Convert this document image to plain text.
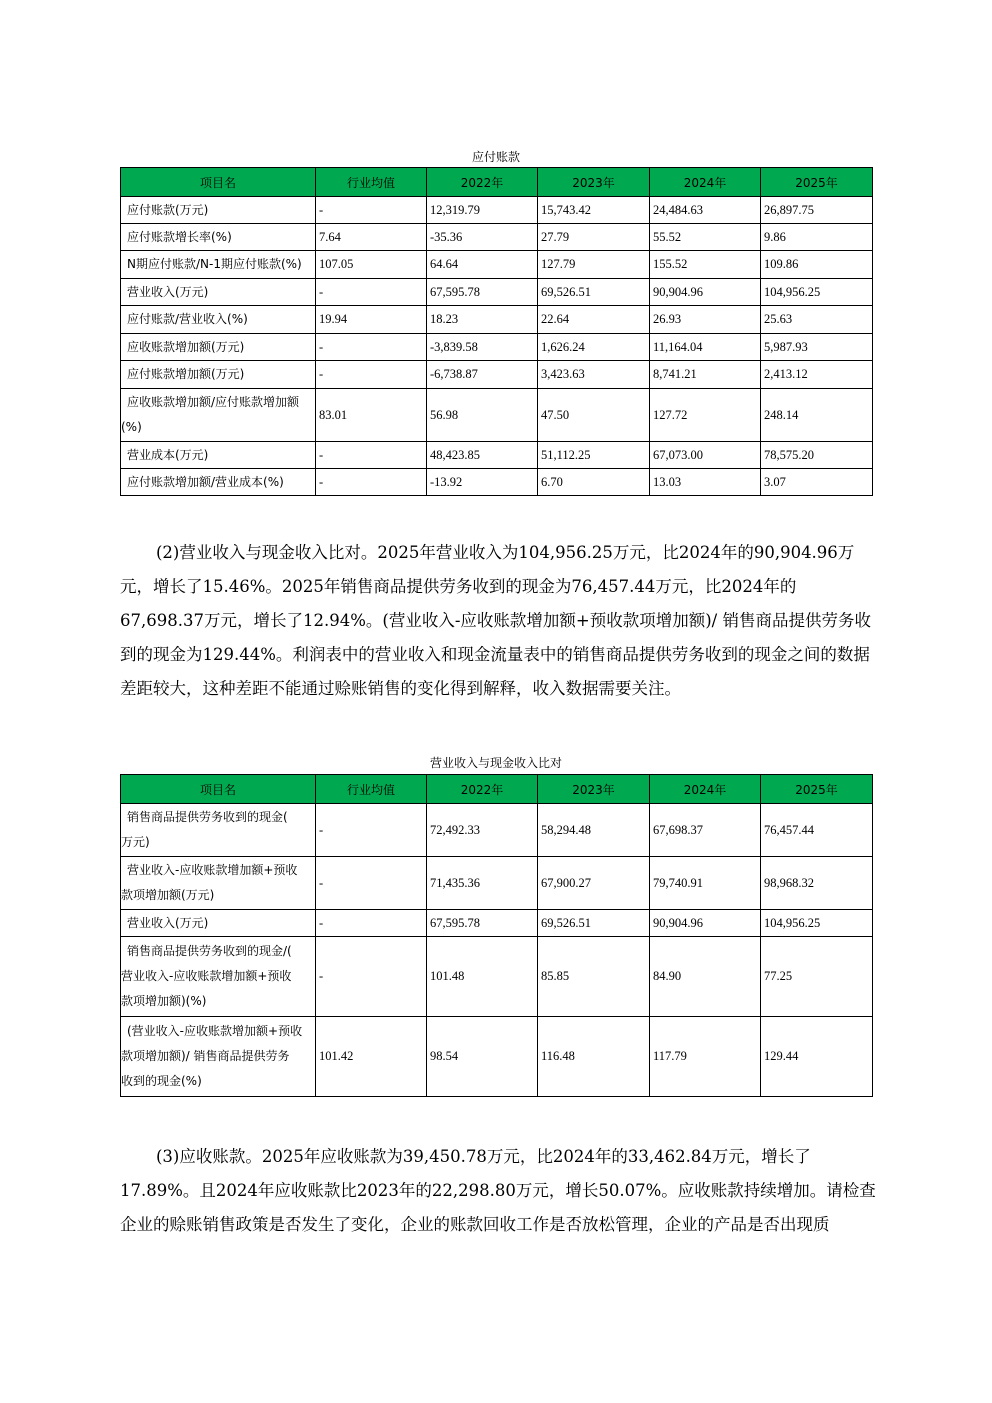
应付账款
项目名	行业均值	2022年	2023年	2024年	2025年
应付账款(万元)	-	12,319.79	15,743.42	24,484.63	26,897.75
应付账款增长率(%)	7.64	-35.36	27.79	55.52	9.86
N期应付账款/N-1期应付账款(%)	107.05	64.64	127.79	155.52	109.86
营业收入(万元)	-	67,595.78	69,526.51	90,904.96	104,956.25
应付账款/营业收入(%)	19.94	18.23	22.64	26.93	25.63
应收账款增加额(万元)	-	-3,839.58	1,626.24	11,164.04	5,987.93
应付账款增加额(万元)	-	-6,738.87	3,423.63	8,741.21	2,413.12

应收账款增加额/应付账款增加额
(%)	83.01	56.98	47.50	127.72	248.14
营业成本(万元)	-	48,423.85	51,112.25	67,073.00	78,575.20
应付账款增加额/营业成本(%)	-	-13.92	6.70	13.03	3.07

(2)营业收入与现金收入比对。2025年营业收入为104,956.25万元，比2024年的90,904.96万元，增长了15.46%。2025年销售商品提供劳务收到的现金为76,457.44万元，比2024年的67,698.37万元，增长了12.94%。(营业收入-应收账款增加额+预收款项增加额)/ 销售商品提供劳务收到的现金为129.44%。利润表中的营业收入和现金流量表中的销售商品提供劳务收到的现金之间的数据差距较大，这种差距不能通过赊账销售的变化得到解释，收入数据需要关注。

营业收入与现金收入比对
项目名	行业均值	2022年	2023年	2024年	2025年

销售商品提供劳务收到的现金(
万元)	-	72,492.33	58,294.48	67,698.37	76,457.44

营业收入-应收账款增加额+预收
款项增加额(万元)	-	71,435.36	67,900.27	79,740.91	98,968.32
营业收入(万元)	-	67,595.78	69,526.51	90,904.96	104,956.25

销售商品提供劳务收到的现金/(
营业收入-应收账款增加额+预收
款项增加额)(%)	-	101.48	85.85	84.90	77.25

(营业收入-应收账款增加额+预收
款项增加额)/ 销售商品提供劳务
收到的现金(%)	101.42	98.54	116.48	117.79	129.44

(3)应收账款。2025年应收账款为39,450.78万元，比2024年的33,462.84万元，增长了17.89%。且2024年应收账款比2023年的22,298.80万元，增长50.07%。应收账款持续增加。请检查企业的赊账销售政策是否发生了变化，企业的账款回收工作是否放松管理，企业的产品是否出现质
